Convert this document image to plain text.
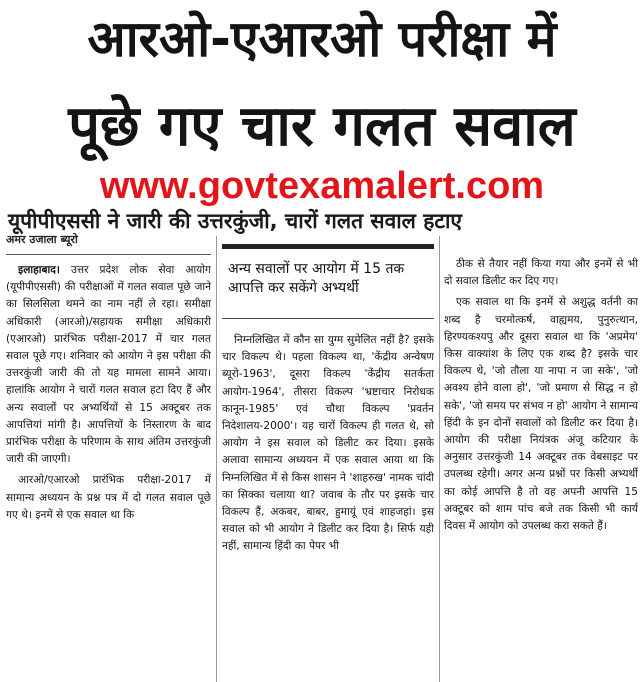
आरओ-एआरओ परीक्षा में
पूछे गए चार गलत सवाल
www.govtexamalert.com
यूपीपीएससी ने जारी की उत्तरकुंजी, चारों गलत सवाल हटाए
अमर उजाला ब्यूरो
अन्य सवालों पर आयोग में 15 तक आपत्ति कर सकेंगे अभ्यर्थी

इलाहाबाद। उत्तर प्रदेश लोक सेवा आयोग (यूपीपीएससी) की परीक्षाओं में गलत सवाल पूछे जाने का सिलसिला थमने का नाम नहीं ले रहा। समीक्षा अधिकारी (आरओ)/सहायक समीक्षा अधिकारी (एआरओ) प्रारंभिक परीक्षा-2017 में चार गलत सवाल पूछे गए। शनिवार को आयोग ने इस परीक्षा की उत्तरकुंजी जारी की तो यह मामला सामने आया। हालांकि आयोग ने चारों गलत सवाल हटा दिए हैं और अन्य सवालों पर अभ्यर्थियों से 15 अक्टूबर तक आपत्तियां मांगी है। आपत्तियों के निस्तारण के बाद प्रारंभिक परीक्षा के परिणाम के साथ अंतिम उत्तरकुंजी जारी की जाएगी।

आरओ/एआरओ प्रारंभिक परीक्षा-2017 में सामान्य अध्ययन के प्रश्न पत्र में दो गलत सवाल पूछे गए थे। इनमें से एक सवाल था कि

निम्नलिखित में कौन सा युग्म सुमेलित नहीं है? इसके चार विकल्प थे। पहला विकल्प था, 'केंद्रीय अन्वेषण ब्यूरो-1963', दूसरा विकल्प 'केंद्रीय सतर्कता आयोग-1964', तीसरा विकल्प 'भ्रष्टाचार निरोधक कानून-1985' एवं चौथा विकल्प 'प्रवर्तन निदेशालय-2000'। यह चारों विकल्प ही गलत थे, सो आयोग ने इस सवाल को डिलीट कर दिया। इसके अलावा सामान्य अध्ययन में एक सवाल आया था कि निम्नलिखित में से किस शासन ने 'शाहरुख' नामक चांदी का सिक्का चलाया था? जवाब के तौर पर इसके चार विकल्प हैं, अकबर, बाबर, हुमायूं एवं शाहजहां। इस सवाल को भी आयोग ने डिलीट कर दिया है। सिर्फ यही नहीं, सामान्य हिंदी का पेपर भी

ठीक से तैयार नहीं किया गया और इनमें से भी दो सवाल डिलीट कर दिए गए।

एक सवाल था कि इनमें से अशुद्ध वर्तनी का शब्द है चरमोत्कर्ष, वाह्यमय, पुनुरुत्थान, हिरण्यकश्यपु और दूसरा सवाल था कि 'अप्रमेय' किस वाक्यांश के लिए एक शब्द है? इसके चार विकल्प थे, 'जो तौला या नापा न जा सके', 'जो अवश्य होने वाला हो', 'जो प्रमाण से सिद्ध न हो सके', 'जो समय पर संभव न हो' आयोग ने सामान्य हिंदी के इन दोनों सवालों को डिलीट कर दिया है। आयोग की परीक्षा नियंत्रक अंजू कटियार के अनुसार उत्तरकुंजी 14 अक्टूबर तक वेबसाइट पर उपलब्ध रहेगी। अगर अन्य प्रश्नों पर किसी अभ्यर्थी का कोई आपत्ति है तो वह अपनी आपत्ति 15 अक्टूबर को शाम पांच बजे तक किसी भी कार्य दिवस में आयोग को उपलब्ध करा सकते हैं।
